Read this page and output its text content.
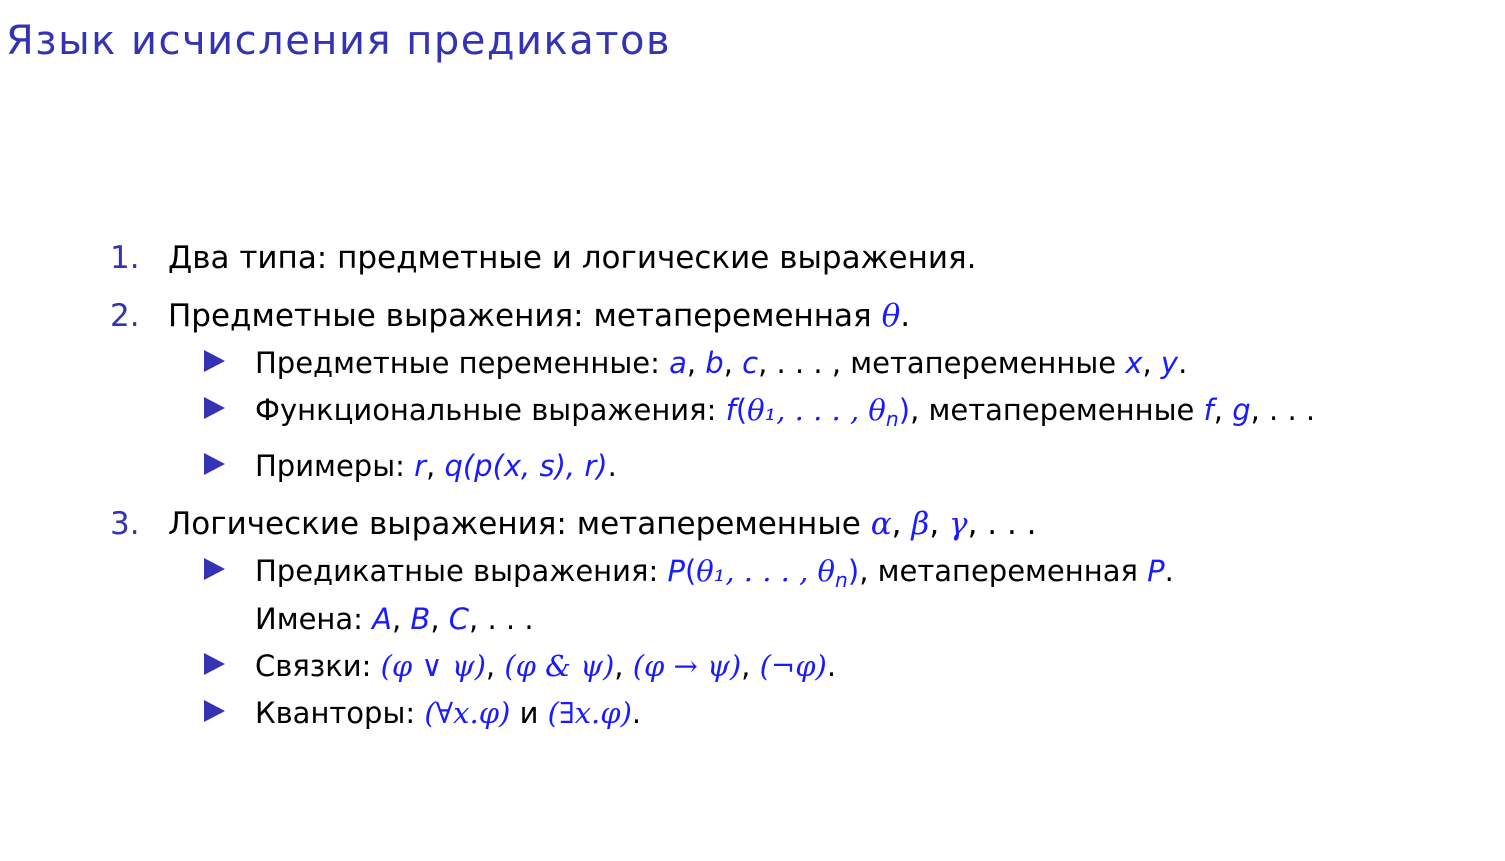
Язык исчисления предикатов
1. Два типа: предметные и логические выражения.
2. Предметные выражения: метапеременная θ.
Предметные переменные: a, b, c, . . . , метапеременные x, y.
Функциональные выражения: f(θ₁, . . . , $\theta_n$), метапеременные f, g, . . .
Примеры: r, q(p(x, s), r).
3. Логические выражения: метапеременные α, β, γ, . . .
Предикатные выражения: P(θ₁, . . . , $\theta_n$), метапеременная P.
Имена: A, B, C, . . .
Связки: (φ ∨ ψ), (φ & ψ), (φ → ψ), (¬φ).
Кванторы: (∀x.φ) и (∃x.φ).
